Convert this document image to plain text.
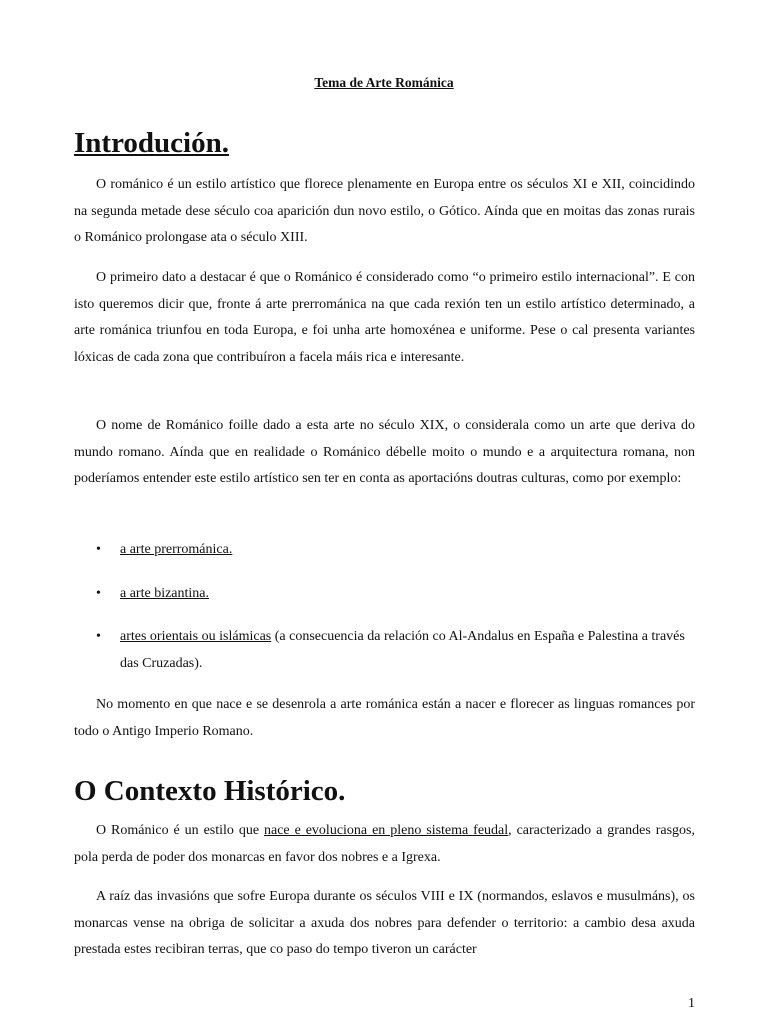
Tema de Arte Románica
Introdución.

O románico é un estilo artístico que florece plenamente en Europa entre os séculos XI e XII, coincidindo na segunda metade dese século coa aparición dun novo estilo, o Gótico. Aínda que en moitas das zonas rurais o Románico prolongase ata o século XIII.

O primeiro dato a destacar é que o Románico é considerado como “o primeiro estilo internacional”. E con isto queremos dicir que, fronte á arte prerrománica na que cada rexión ten un estilo artístico determinado, a arte románica triunfou en toda Europa, e foi unha arte homoxénea e uniforme. Pese o cal presenta variantes lóxicas de cada zona que contribuíron a facela máis rica e interesante.

O nome de Románico foille dado a esta arte no século XIX, o consideral‌a como un arte que deriva do mundo romano. Aínda que en realidade o Románico débelle moito o mundo e a arquitectura romana, non poderíamos entender este estilo artístico sen ter en conta as aportacións doutras culturas, como por exemplo:

• a arte prerrománica.
• a arte bizantina.
• artes orientais ou islámicas (a consecuencia da relación co Al-Andalus en España e Palestina a través das Cruzadas).

No momento en que nace e se desenrola a arte románica están a nacer e florecer as linguas romances por todo o Antigo Imperio Romano.

O Contexto Histórico.

O Románico é un estilo que nace e evoluciona en pleno sistema feudal, caracterizado a grandes rasgos, pola perda de poder dos monarcas en favor dos nobres e a Igrexa.

A raíz das invasións que sofre Europa durante os séculos VIII e IX (normandos, eslavos e musulmáns), os monarcas vense na obriga de solicitar a axuda dos nobres para defender o territorio: a cambio desa axuda prestada estes recibiran terras, que co paso do tempo tiveron un carácter

1
